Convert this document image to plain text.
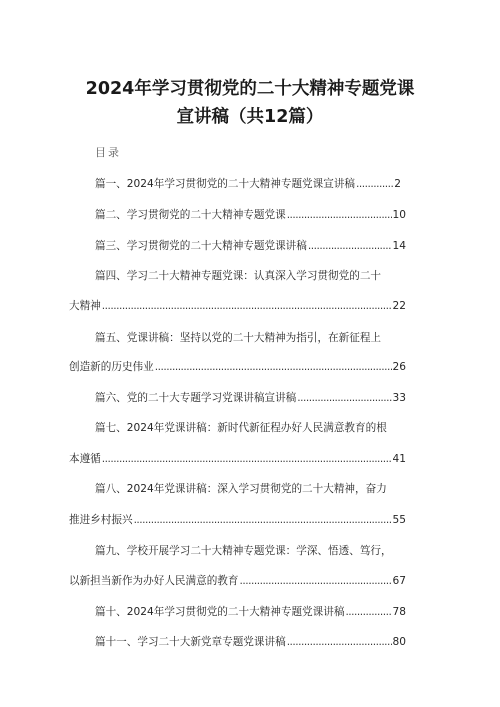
2024年学习贯彻党的二十大精神专题党课
宣讲稿（共12篇）
目录
篇一、2024年学习贯彻党的二十大精神专题党课宣讲稿 .....	2
篇二、学习贯彻党的二十大精神专题党课 .....	10
篇三、学习贯彻党的二十大精神专题党课讲稿 .....	14
篇四、学习二十大精神专题党课：认真深入学习贯彻党的二十
大精神 .....	22
篇五、党课讲稿：坚持以党的二十大精神为指引，在新征程上
创造新的历史伟业 .....	26
篇六、党的二十大专题学习党课讲稿宣讲稿 .....	33
篇七、2024年党课讲稿：新时代新征程办好人民满意教育的根
本遵循 .....	41
篇八、2024年党课讲稿：深入学习贯彻党的二十大精神，奋力
推进乡村振兴 .....	55
篇九、学校开展学习二十大精神专题党课：学深、悟透、笃行，
以新担当新作为办好人民满意的教育 .....	67
篇十、2024年学习贯彻党的二十大精神专题党课讲稿 .....	78
篇十一、学习二十大新党章专题党课讲稿 .....	80
